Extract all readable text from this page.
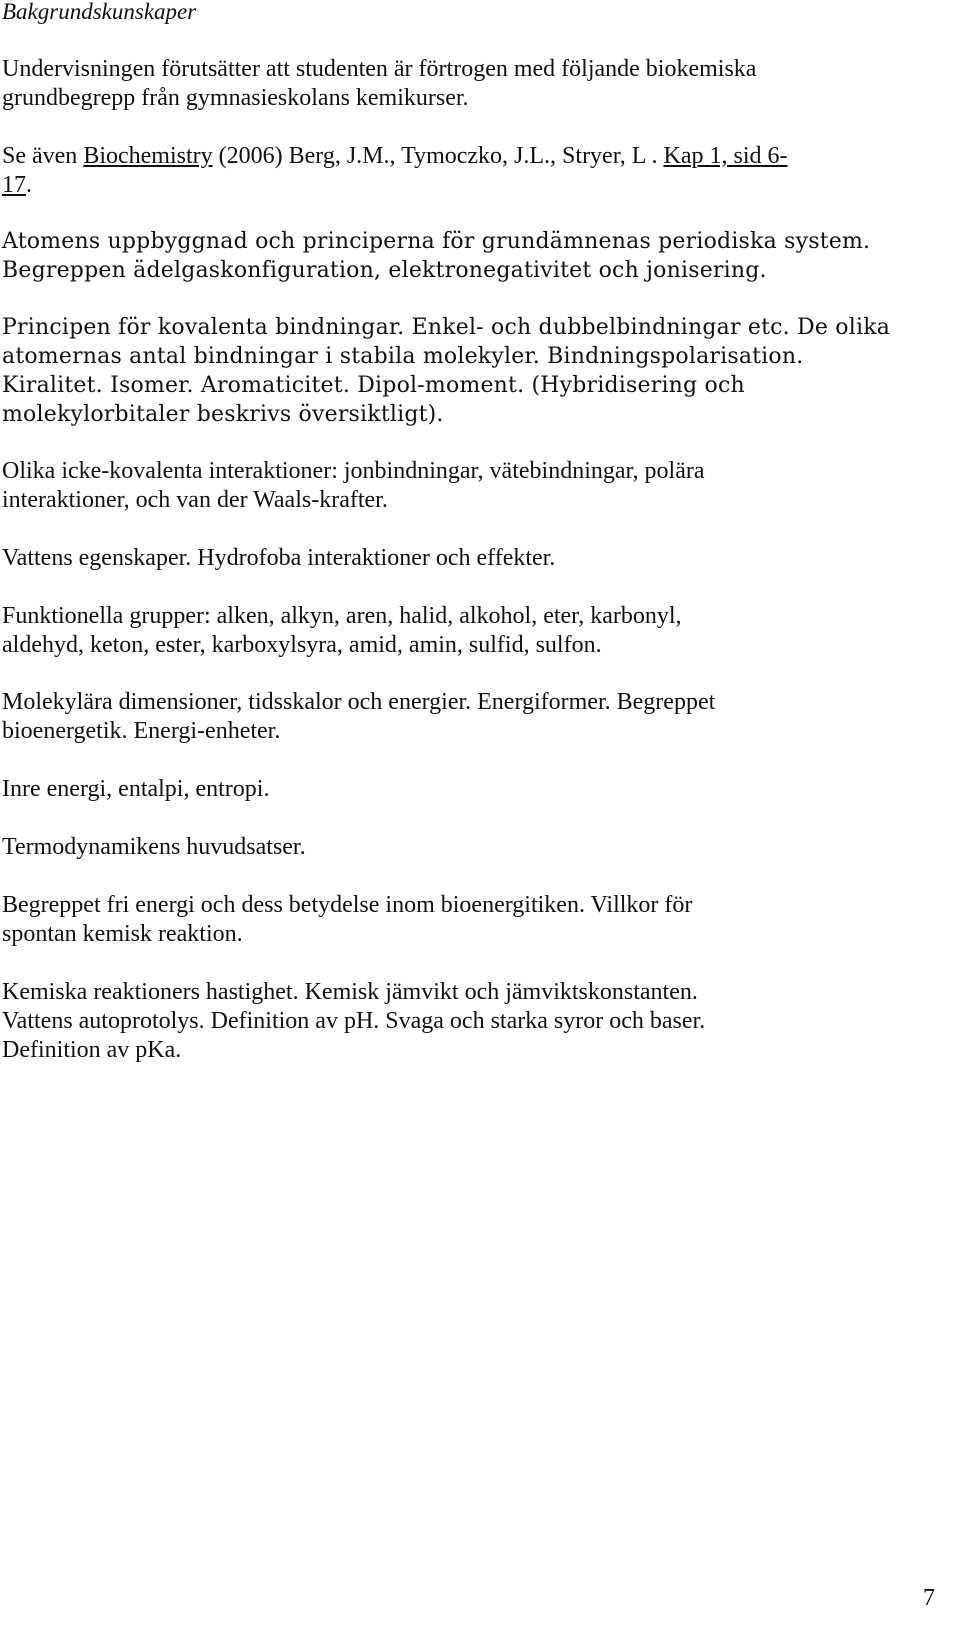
Bakgrundskunskaper

Undervisningen förutsätter att studenten är förtrogen med följande biokemiska
grundbegrepp från gymnasieskolans kemikurser.

Se även Biochemistry (2006) Berg, J.M., Tymoczko, J.L., Stryer, L . Kap 1, sid 6-
17.

Atomens uppbyggnad och principerna för grundämnenas periodiska system.
Begreppen ädelgaskonfiguration, elektronegativitet och jonisering.

Principen för kovalenta bindningar. Enkel- och dubbelbindningar etc. De olika
atomernas antal bindningar i stabila molekyler. Bindningspolarisation.
Kiralitet. Isomer. Aromaticitet. Dipol-moment. (Hybridisering och
molekylorbitaler beskrivs översiktligt).

Olika icke-kovalenta interaktioner: jonbindningar, vätebindningar, polära
interaktioner, och van der Waals-krafter.

Vattens egenskaper. Hydrofoba interaktioner och effekter.

Funktionella grupper: alken, alkyn, aren, halid, alkohol, eter, karbonyl,
aldehyd, keton, ester, karboxylsyra, amid, amin, sulfid, sulfon.

Molekylära dimensioner, tidsskalor och energier. Energiformer. Begreppet
bioenergetik. Energi-enheter.

Inre energi, entalpi, entropi.

Termodynamikens huvudsatser.

Begreppet fri energi och dess betydelse inom bioenergitiken. Villkor för
spontan kemisk reaktion.

Kemiska reaktioners hastighet. Kemisk jämvikt och jämviktskonstanten.
Vattens autoprotolys. Definition av pH. Svaga och starka syror och baser.
Definition av pKa.

7
